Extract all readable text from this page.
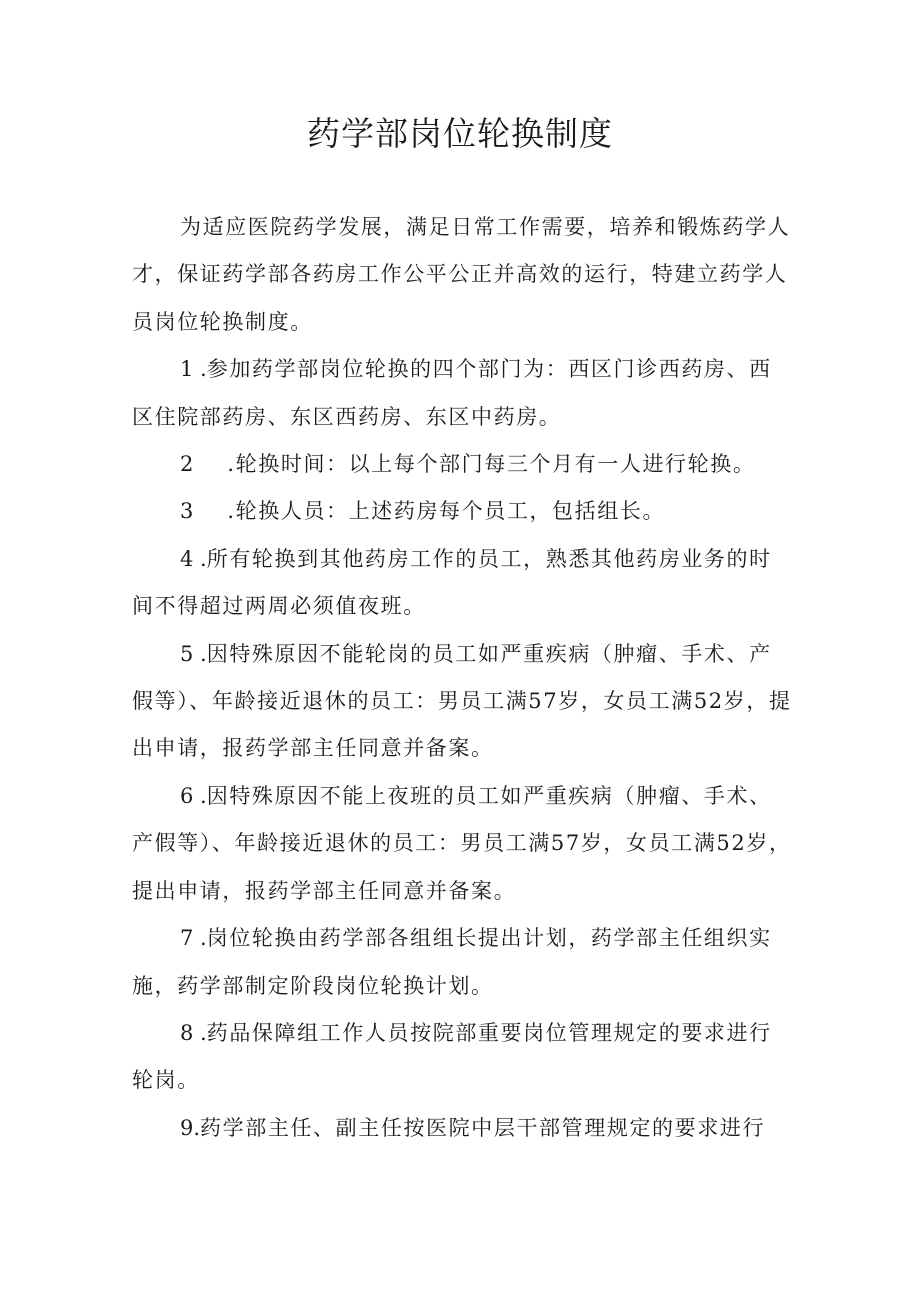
药学部岗位轮换制度

为适应医院药学发展，满足日常工作需要，培养和锻炼药学人才，保证药学部各药房工作公平公正并高效的运行，特建立药学人员岗位轮换制度。

1 .参加药学部岗位轮换的四个部门为：西区门诊西药房、西区住院部药房、东区西药房、东区中药房。

2 .轮换时间：以上每个部门每三个月有一人进行轮换。

3 .轮换人员：上述药房每个员工，包括组长。

4 .所有轮换到其他药房工作的员工，熟悉其他药房业务的时间不得超过两周必须值夜班。

5 .因特殊原因不能轮岗的员工如严重疾病（肿瘤、手术、产假等）、年龄接近退休的员工：男员工满57岁，女员工满52岁，提出申请，报药学部主任同意并备案。

6 .因特殊原因不能上夜班的员工如严重疾病（肿瘤、手术、产假等）、年龄接近退休的员工：男员工满57岁，女员工满52岁，提出申请，报药学部主任同意并备案。

7 .岗位轮换由药学部各组组长提出计划，药学部主任组织实施，药学部制定阶段岗位轮换计划。

8 .药品保障组工作人员按院部重要岗位管理规定的要求进行轮岗。

9.药学部主任、副主任按医院中层干部管理规定的要求进行
